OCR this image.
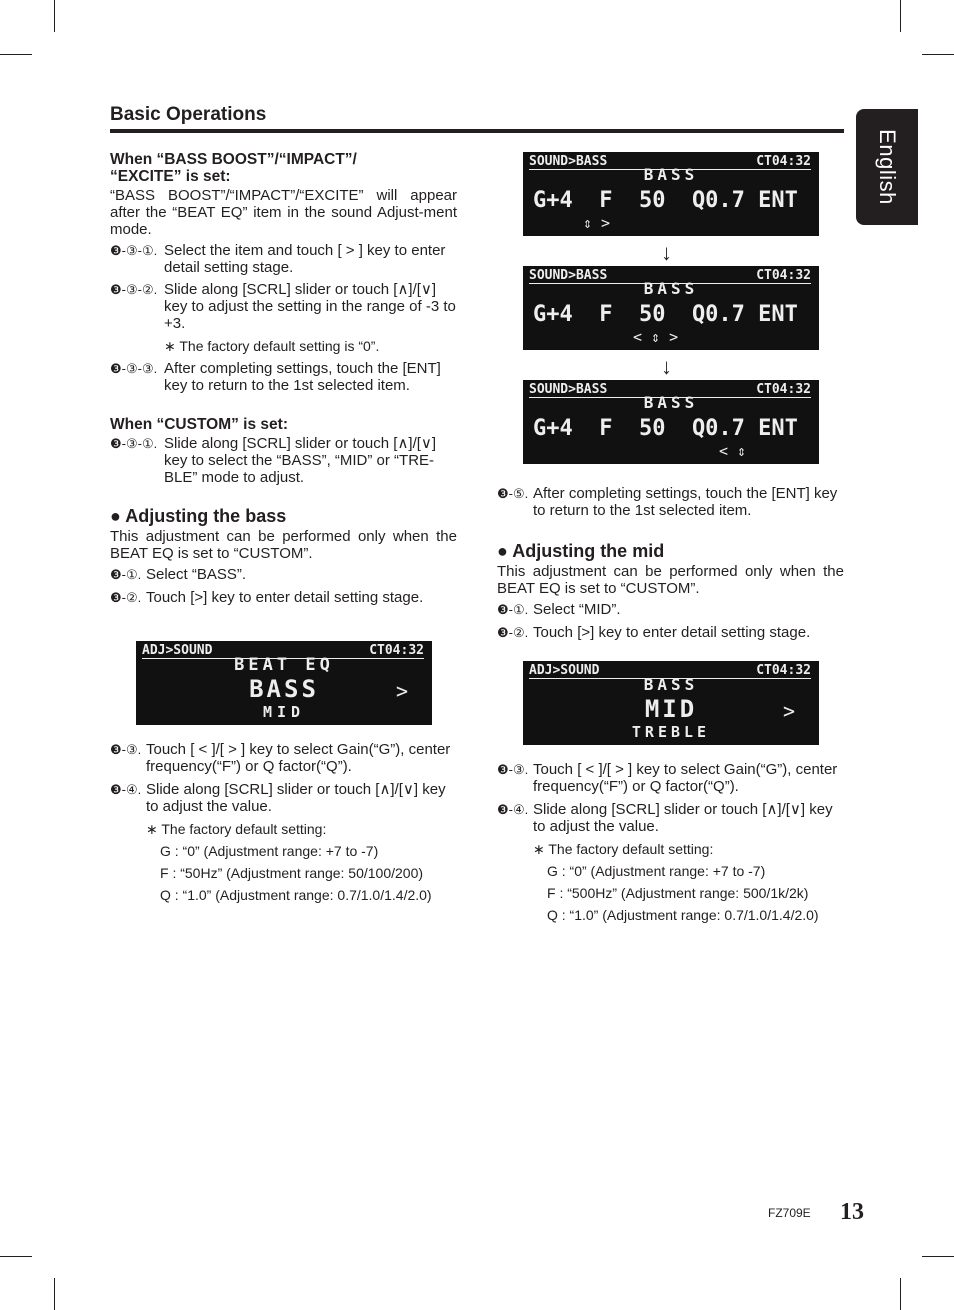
Basic Operations
English
When “BASS BOOST”/“IMPACT”/
“EXCITE” is set:
“BASS BOOST”/“IMPACT”/“EXCITE” will appear after the “BEAT EQ” item in the sound Adjust-ment mode.
❸-③-①. Select the item and touch [ > ] key to enter detail setting stage.
❸-③-②. Slide along [SCRL] slider or touch [∧]/[∨] key to adjust the setting in the range of -3 to +3.
∗ The factory default setting is “0”.
❸-③-③. After completing settings, touch the [ENT] key to return to the 1st selected item.
When “CUSTOM” is set:
❸-③-①. Slide along [SCRL] slider or touch [∧]/[∨] key to select the “BASS”, “MID” or “TRE-BLE” mode to adjust.
● Adjusting the bass
This adjustment can be performed only when the BEAT EQ is set to “CUSTOM”.
❸-①. Select “BASS”.
❸-②. Touch [>] key to enter detail setting stage.
ADJ>SOUND	CT04:32
BEAT EQ
BASS
MID
>
❸-③. Touch [ < ]/[ > ] key to select Gain(“G”), center frequency(“F”) or Q factor(“Q”).
❸-④. Slide along [SCRL] slider or touch [∧]/[∨] key to adjust the value.
∗ The factory default setting:
G : “0” (Adjustment range: +7 to -7)
F : “50Hz” (Adjustment range: 50/100/200)
Q : “1.0” (Adjustment range: 0.7/1.0/1.4/2.0)
SOUND>BASS	CT04:32
BASS
G+4  F  50  Q0.7 ENT
⇕ >
↓
SOUND>BASS	CT04:32
BASS
G+4  F  50  Q0.7 ENT
< ⇕ >
↓
SOUND>BASS	CT04:32
BASS
G+4  F  50  Q0.7 ENT
< ⇕
❸-⑤. After completing settings, touch the [ENT] key to return to the 1st selected item.
● Adjusting the mid
This adjustment can be performed only when the BEAT EQ is set to “CUSTOM”.
❸-①. Select “MID”.
❸-②. Touch [>] key to enter detail setting stage.
ADJ>SOUND	CT04:32
BASS
MID
TREBLE
>
❸-③. Touch [ < ]/[ > ] key to select Gain(“G”), center frequency(“F”) or Q factor(“Q”).
❸-④. Slide along [SCRL] slider or touch [∧]/[∨] key to adjust the value.
∗ The factory default setting:
G : “0” (Adjustment range: +7 to -7)
F : “500Hz” (Adjustment range: 500/1k/2k)
Q : “1.0” (Adjustment range: 0.7/1.0/1.4/2.0)
FZ709E 13
